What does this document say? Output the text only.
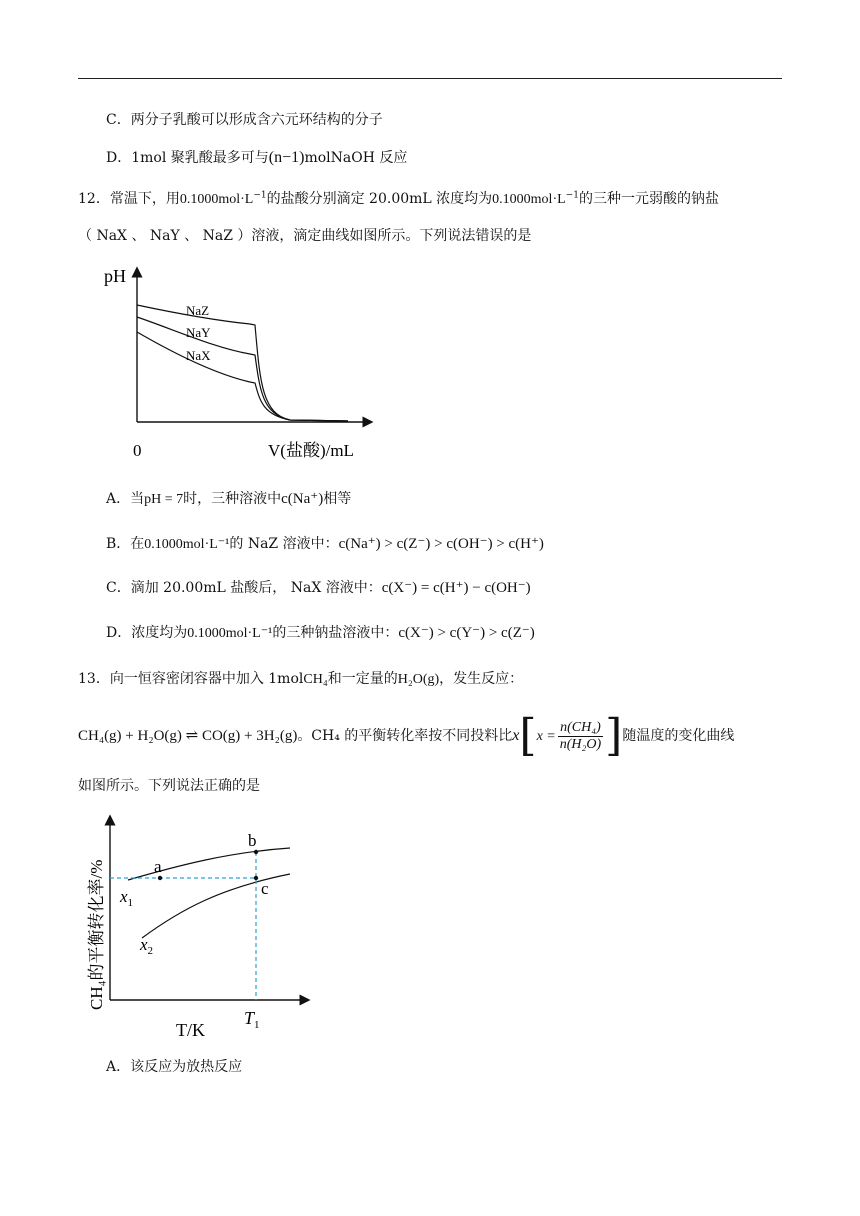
C．两分子乳酸可以形成含六元环结构的分子
D．1mol 聚乳酸最多可与(n−1)molNaOH 反应
12．常温下，用$0.1000mol\cdot L^{-1}$的盐酸分别滴定 20.00mL 浓度均为$0.1000mol\cdot L^{-1}$的三种一元弱酸的钠盐
（ NaX 、 NaY 、 NaZ ）溶液，滴定曲线如图所示。下列说法错误的是
pH
0	V(盐酸)/mL
NaZ
NaY
NaX
A．当pH = 7时，三种溶液中c(Na⁺)相等
B．在0.1000mol·L⁻¹的 NaZ 溶液中：c(Na⁺) > c(Z⁻) > c(OH⁻) > c(H⁺)
C．滴加 20.00mL 盐酸后， NaX 溶液中：c(X⁻) = c(H⁺) − c(OH⁻)
D．浓度均为0.1000mol·L⁻¹的三种钠盐溶液中：c(X⁻) > c(Y⁻) > c(Z⁻)
13．向一恒容密闭容器中加入 1molCH₄和一定量的H₂O(g)，发生反应：
CH₄(g) + H₂O(g) ⇌ CO(g) + 3H₂(g)。CH₄ 的平衡转化率按不同投料比$x[x = \frac{\text{n(CH₄)}}{\text{n(H₂O)}}$ ]随温度的变化曲线
如图所示。下列说法正确的是
a
b
c
$x_1$
$x_2$
$T_1$
T/K
CH₄的平衡转化率/%
A．该反应为放热反应
